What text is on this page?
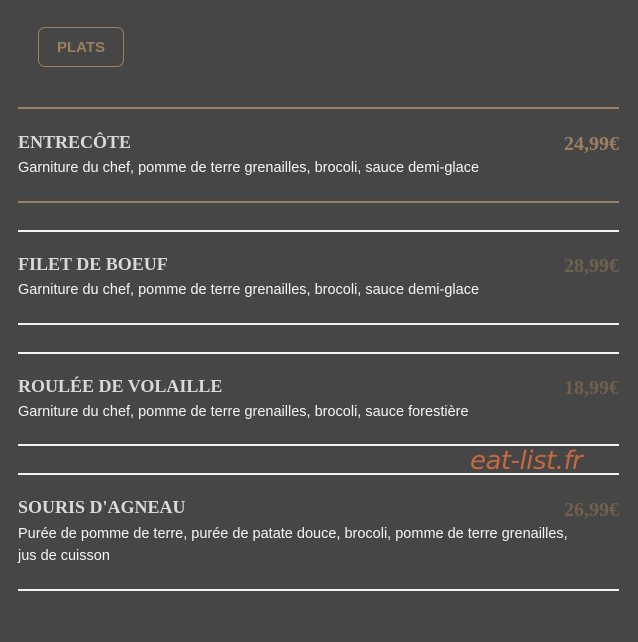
PLATS
ENTRECÔTE	24,99€
Garniture du chef, pomme de terre grenailles, brocoli, sauce demi-glace
FILET DE BOEUF	28,99€
Garniture du chef, pomme de terre grenailles, brocoli, sauce demi-glace
ROULÉE DE VOLAILLE	18,99€
Garniture du chef, pomme de terre grenailles, brocoli, sauce forestière
SOURIS D'AGNEAU	26,99€
Purée de pomme de terre, purée de patate douce, brocoli, pomme de terre grenailles, jus de cuisson
eat-list.fr
